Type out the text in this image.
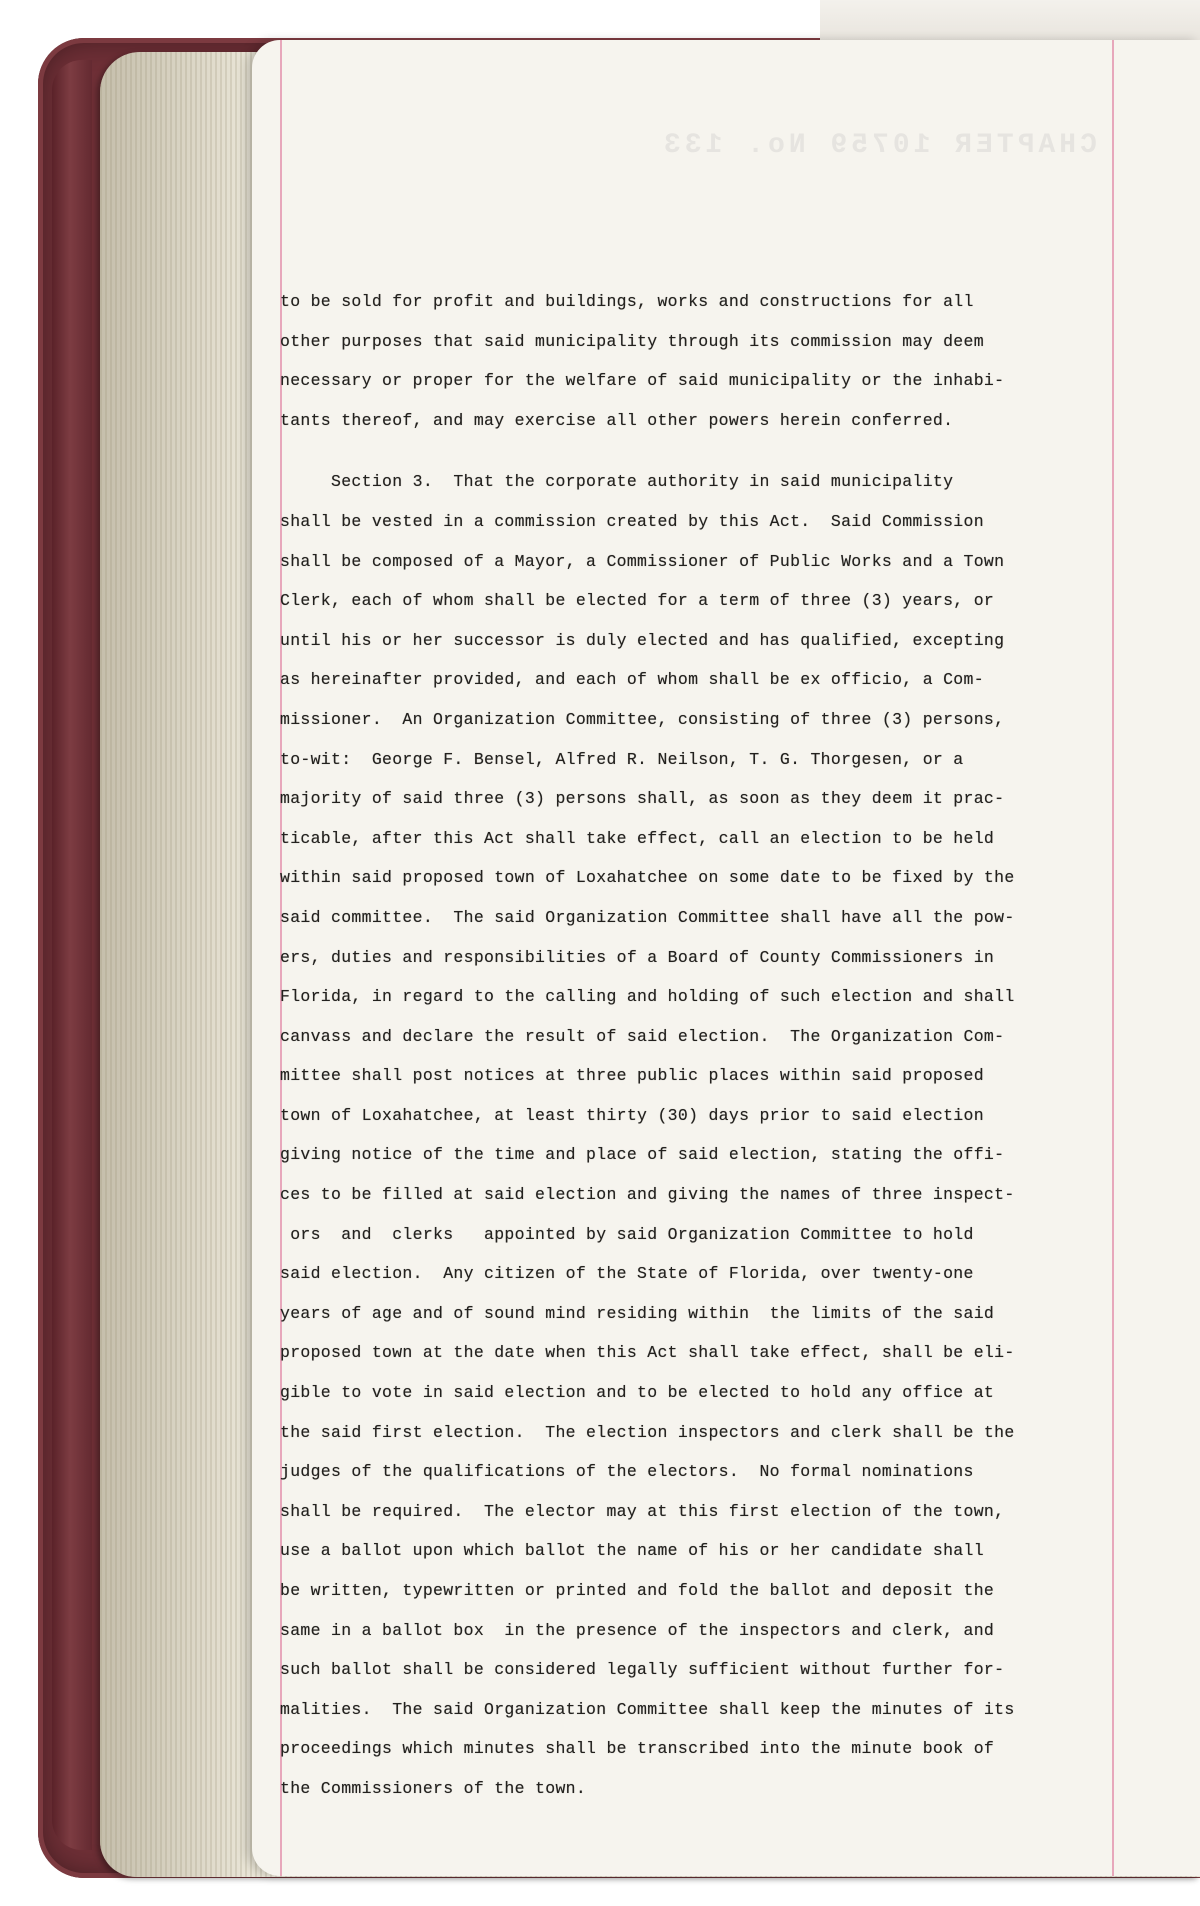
CHAPTER 10759 No. 133
to be sold for profit and buildings, works and constructions for all
other purposes that said municipality through its commission may deem
necessary or proper for the welfare of said municipality or the inhabi-
tants thereof, and may exercise all other powers herein conferred.
Section 3.  That the corporate authority in said municipality
shall be vested in a commission created by this Act.  Said Commission
shall be composed of a Mayor, a Commissioner of Public Works and a Town
Clerk, each of whom shall be elected for a term of three (3) years, or
until his or her successor is duly elected and has qualified, excepting
as hereinafter provided, and each of whom shall be ex officio, a Com-
missioner.  An Organization Committee, consisting of three (3) persons,
to-wit:  George F. Bensel, Alfred R. Neilson, T. G. Thorgesen, or a
majority of said three (3) persons shall, as soon as they deem it prac-
ticable, after this Act shall take effect, call an election to be held
within said proposed town of Loxahatchee on some date to be fixed by the
said committee.  The said Organization Committee shall have all the pow-
ers, duties and responsibilities of a Board of County Commissioners in
Florida, in regard to the calling and holding of such election and shall
canvass and declare the result of said election.  The Organization Com-
mittee shall post notices at three public places within said proposed
town of Loxahatchee, at least thirty (30) days prior to said election
giving notice of the time and place of said election, stating the offi-
ces to be filled at said election and giving the names of three inspect-
ors  and  clerks   appointed by said Organization Committee to hold
said election.  Any citizen of the State of Florida, over twenty-one
years of age and of sound mind residing within  the limits of the said
proposed town at the date when this Act shall take effect, shall be eli-
gible to vote in said election and to be elected to hold any office at
the said first election.  The election inspectors and clerk shall be the
judges of the qualifications of the electors.  No formal nominations
shall be required.  The elector may at this first election of the town,
use a ballot upon which ballot the name of his or her candidate shall
be written, typewritten or printed and fold the ballot and deposit the
same in a ballot box  in the presence of the inspectors and clerk, and
such ballot shall be considered legally sufficient without further for-
malities.  The said Organization Committee shall keep the minutes of its
proceedings which minutes shall be transcribed into the minute book of
the Commissioners of the town.
